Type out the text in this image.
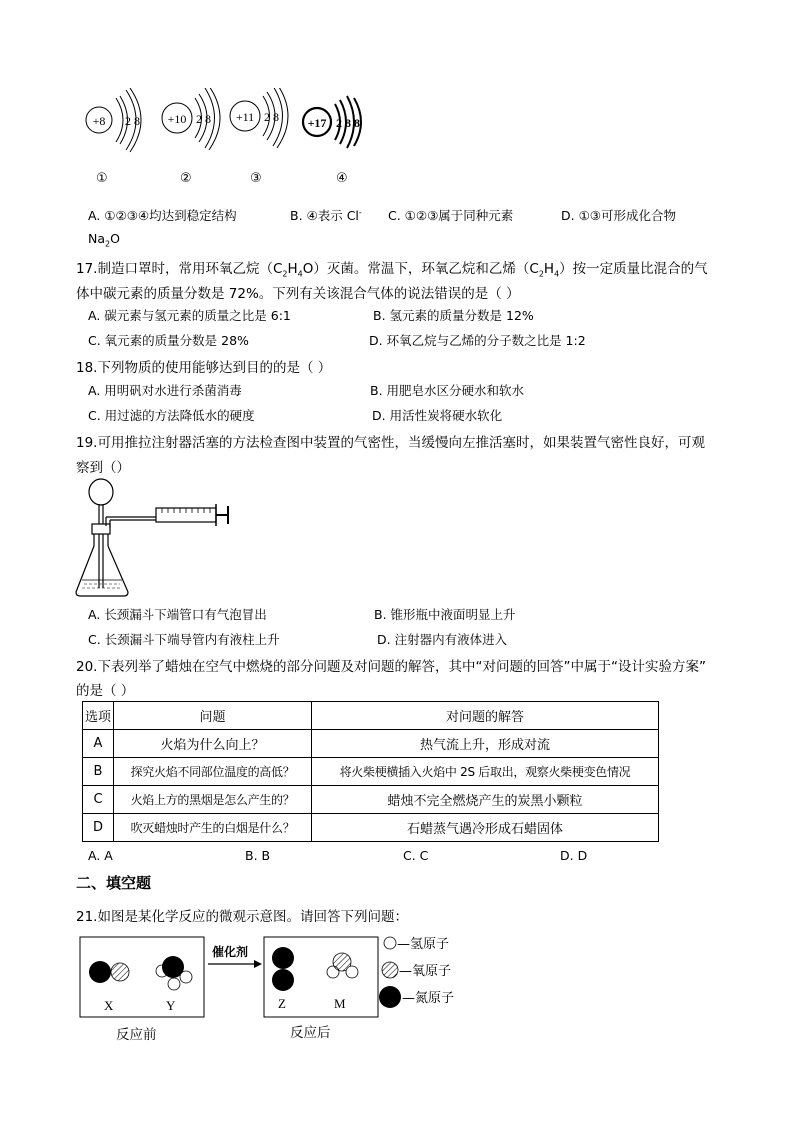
+8 2 8 +10 2 8 +11 2 8 +17 2 8 8
①	②	③	④
A. ①②③④均达到稳定结构	B. ④表示 Cl- C. ①②③属于同种元素	D. ①③可形成化合物
$Na_2O$
17.制造口罩时，常用环氧乙烷$(C_2H_4O)$灭菌。常温下，环氧乙烷和乙烯$(C_2H_4)$按一定质量比混合的气
体中碳元素的质量分数是 72%。下列有关该混合气体的说法错误的是（ ）
A. 碳元素与氢元素的质量之比是 6:1	B. 氢元素的质量分数是 12%
C. 氧元素的质量分数是 28%	D. 环氧乙烷与乙烯的分子数之比是 1:2
18.下列物质的使用能够达到目的的是（ ）
A. 用明矾对水进行杀菌消毒	B. 用肥皂水区分硬水和软水
C. 用过滤的方法降低水的硬度	D. 用活性炭将硬水软化
19.可用推拉注射器活塞的方法检查图中装置的气密性，当缓慢向左推活塞时，如果装置气密性良好，可观
察到（）
A. 长颈漏斗下端管口有气泡冒出	B. 锥形瓶中液面明显上升
C. 长颈漏斗下端导管内有液柱上升	D. 注射器内有液体进入
20.下表列举了蜡烛在空气中燃烧的部分问题及对问题的解答，其中“对问题的回答”中属于“设计实验方案”
的是（ ）
选项	问题	对问题的解答
A	火焰为什么向上？	热气流上升，形成对流
B	探究火焰不同部位温度的高低？	将火柴梗横插入火焰中 2S 后取出，观察火柴梗变色情况
C	火焰上方的黑烟是怎么产生的？	蜡烛不完全燃烧产生的炭黑小颗粒
D	吹灭蜡烛时产生的白烟是什么？	石蜡蒸气遇冷形成石蜡固体
A. A	B. B	C. C	D. D
二、填空题
21.如图是某化学反应的微观示意图。请回答下列问题：
X	Y
催化剂
Z	M
—氢原子
—氧原子
—氮原子
反应前	反应后
